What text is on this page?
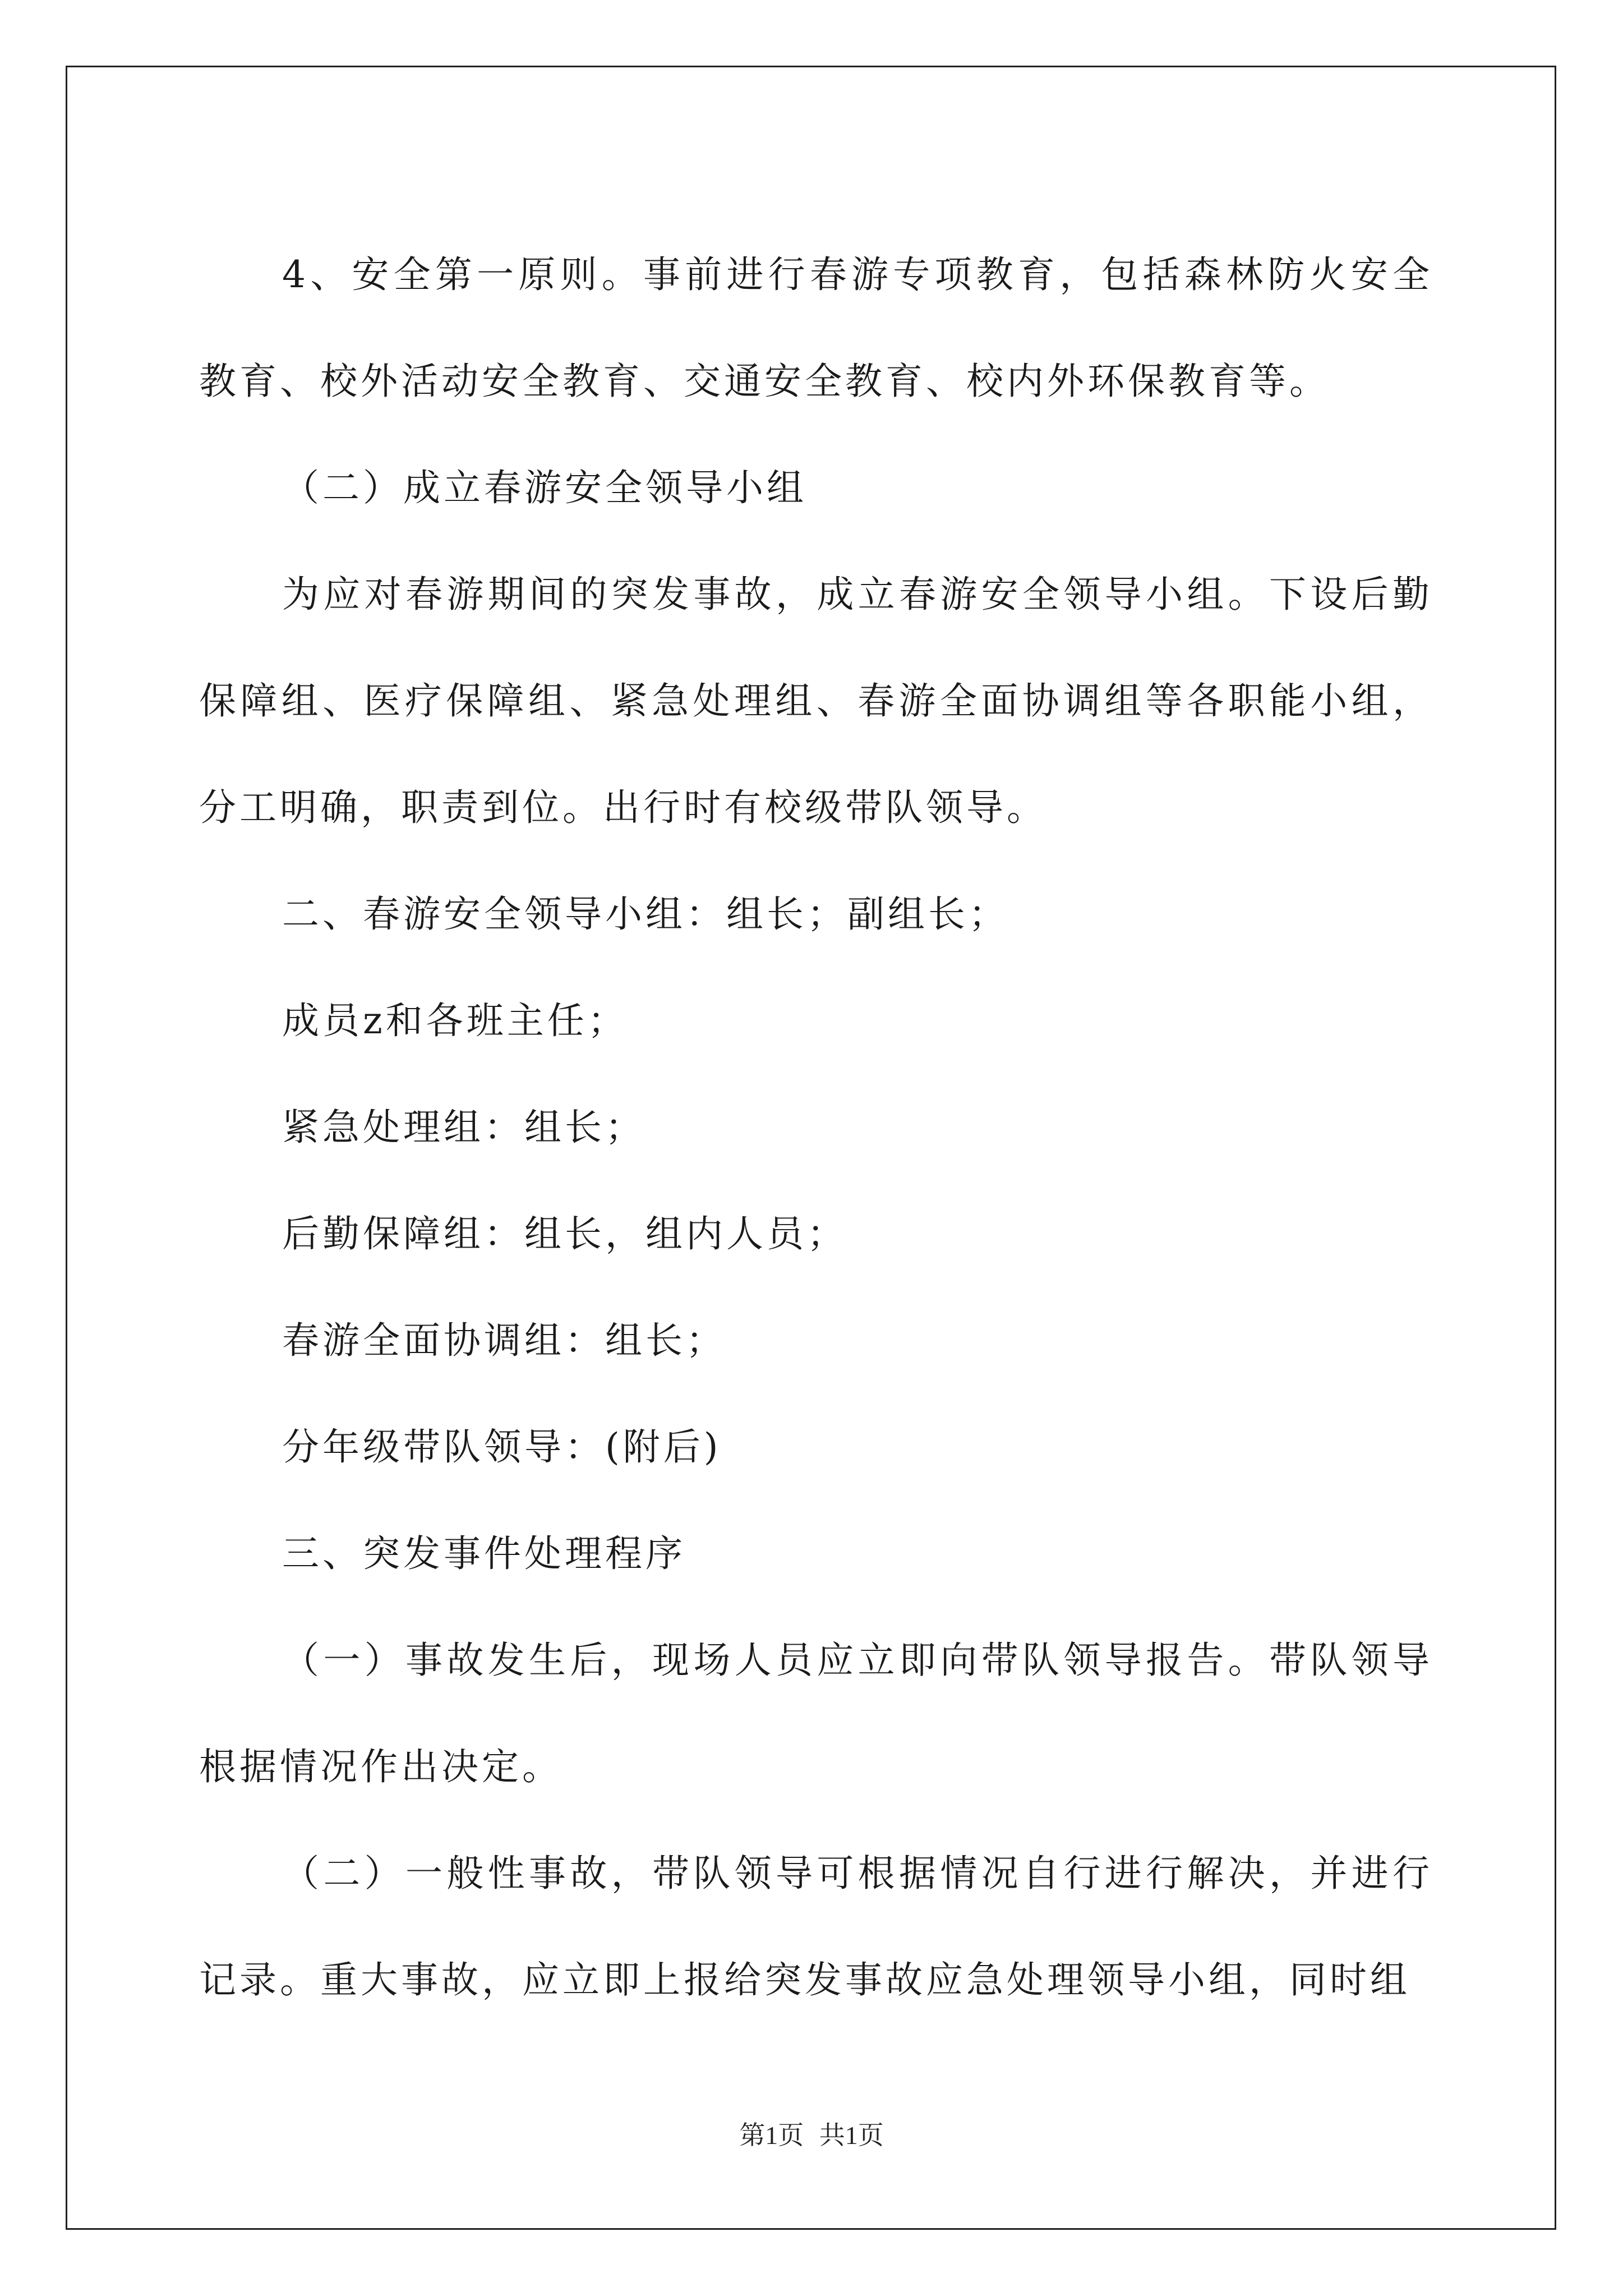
4、安全第一原则。事前进行春游专项教育，包括森林防火安全教育、校外活动安全教育、交通安全教育、校内外环保教育等。

（二）成立春游安全领导小组

为应对春游期间的突发事故，成立春游安全领导小组。下设后勤保障组、医疗保障组、紧急处理组、春游全面协调组等各职能小组，分工明确，职责到位。出行时有校级带队领导。

二、春游安全领导小组：组长；副组长；

成员z和各班主任；

紧急处理组：组长；

后勤保障组：组长，组内人员；

春游全面协调组：组长；

分年级带队领导：(附后)

三、突发事件处理程序

（一）事故发生后，现场人员应立即向带队领导报告。带队领导根据情况作出决定。

（二）一般性事故，带队领导可根据情况自行进行解决，并进行记录。重大事故，应立即上报给突发事故应急处理领导小组，同时组

第1页 共1页
